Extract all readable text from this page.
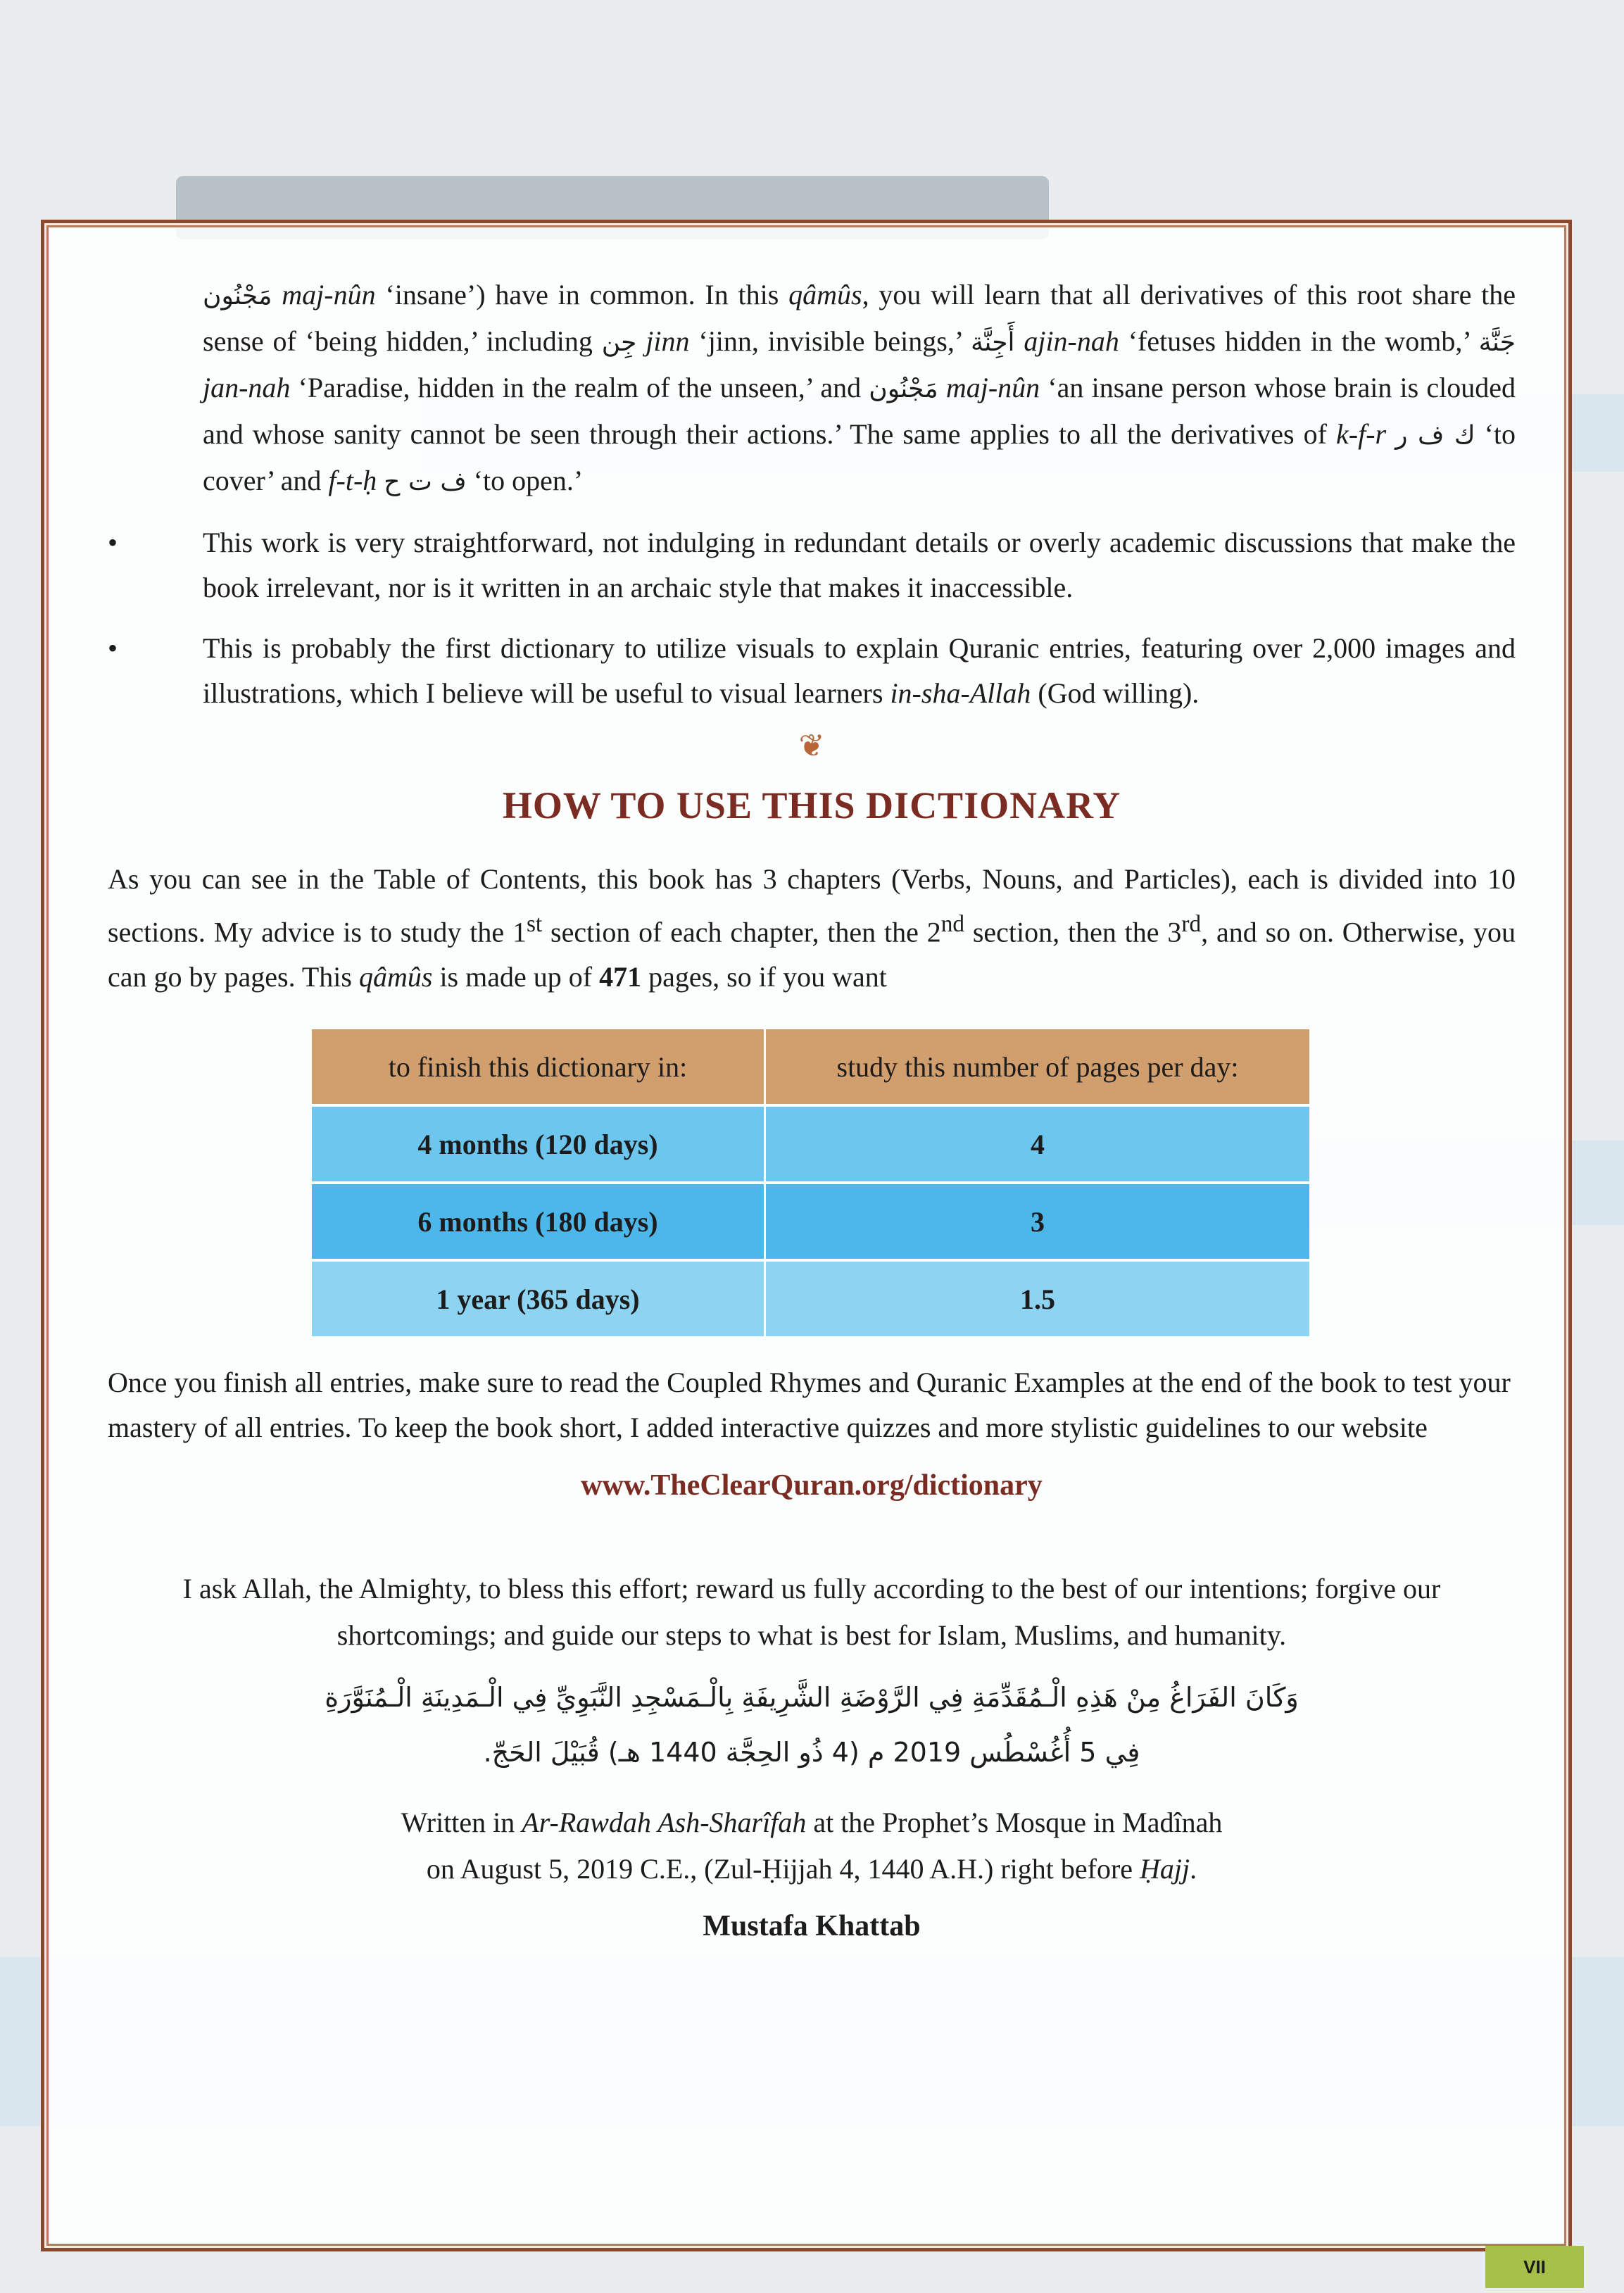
مَجْنُون maj-nûn ‘insane’) have in common. In this qâmûs, you will learn that all derivatives of this root share the sense of ‘being hidden,’ including جِن jinn ‘jinn, invisible beings,’ أَجِنَّة ajin-nah ‘fetuses hidden in the womb,’ جَنَّة jan-nah ‘Paradise, hidden in the realm of the unseen,’ and مَجْنُون maj-nûn ‘an insane person whose brain is clouded and whose sanity cannot be seen through their actions.’ The same applies to all the derivatives of k-f-r ك ف ر ‘to cover’ and f-t-ḥ ف ت ح ‘to open.’

•	This work is very straightforward, not indulging in redundant details or overly academic discussions that make the book irrelevant, nor is it written in an archaic style that makes it inaccessible.

•	This is probably the first dictionary to utilize visuals to explain Quranic entries, featuring over 2,000 images and illustrations, which I believe will be useful to visual learners in-sha-Allah (God willing).

❦
HOW TO USE THIS DICTIONARY

As you can see in the Table of Contents, this book has 3 chapters (Verbs, Nouns, and Particles), each is divided into 10 sections. My advice is to study the 1st section of each chapter, then the 2nd section, then the 3rd, and so on. Otherwise, you can go by pages. This qâmûs is made up of 471 pages, so if you want

to finish this dictionary in:	study this number of pages per day:
4 months (120 days)	4
6 months (180 days)	3
1 year (365 days)	1.5

Once you finish all entries, make sure to read the Coupled Rhymes and Quranic Examples at the end of the book to test your mastery of all entries. To keep the book short, I added interactive quizzes and more stylistic guidelines to our website

www.TheClearQuran.org/dictionary
I ask Allah, the Almighty, to bless this effort; reward us fully according to the best of our intentions; forgive our shortcomings; and guide our steps to what is best for Islam, Muslims, and humanity.
وَكَانَ الفَرَاغُ مِنْ هَذِهِ الْـمُقَدِّمَةِ فِي الرَّوْضَةِ الشَّرِيفَةِ بِالْـمَسْجِدِ النَّبَوِيِّ فِي الْـمَدِينَةِ الْـمُنَوَّرَةِ
فِي 5 أُغُسْطُس 2019 م (4 ذُو الحِجَّة 1440 هـ) قُبَيْلَ الحَجّ.
Written in Ar-Rawdah Ash-Sharîfah at the Prophet’s Mosque in Madînah
on August 5, 2019 C.E., (Zul-Ḥijjah 4, 1440 A.H.) right before Ḥajj.
Mustafa Khattab
VII
